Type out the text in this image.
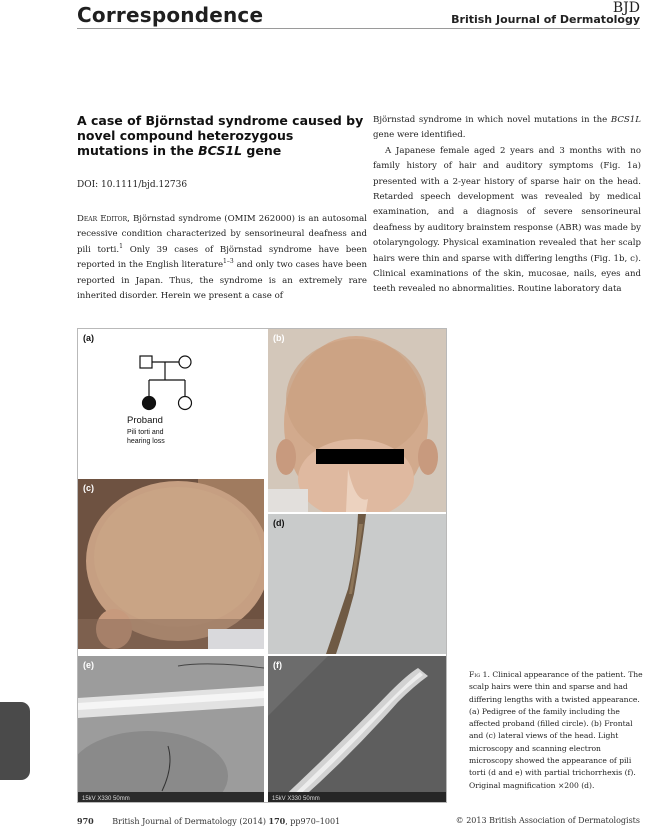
Correspondence	BJD
British Journal of Dermatology
A case of Björnstad syndrome caused by novel compound heterozygous mutations in the BCS1L gene
DOI: 10.1111/bjd.12736

Dear Editor, Björnstad syndrome (OMIM 262000) is an autosomal recessive condition characterized by sensorineural deafness and pili torti.$^1$ Only 39 cases of Björnstad syndrome have been reported in the English literature$^{1-3}$ and only two cases have been reported in Japan. Thus, the syndrome is an extremely rare inherited disorder. Herein we present a case of

Björnstad syndrome in which novel mutations in the BCS1L gene were identified.

A Japanese female aged 2 years and 3 months with no family history of hair and auditory symptoms (Fig. 1a) presented with a 2-year history of sparse hair on the head. Retarded speech development was revealed by medical examination, and a diagnosis of severe sensorineural deafness by auditory brainstem response (ABR) was made by otolaryngology. Physical examination revealed that her scalp hairs were thin and sparse with differing lengths (Fig. 1b, c). Clinical examinations of the skin, mucosae, nails, eyes and teeth revealed no abnormalities. Routine laboratory data

(a)
Proband
Pili torti and
hearing loss
(b)
(c)
(d)
15kV X330 50mm
(e)
15kV X330 50mm
(f)
Fig 1. Clinical appearance of the patient. The scalp hairs were thin and sparse and had differing lengths with a twisted appearance. (a) Pedigree of the family including the affected proband (filled circle). (b) Frontal and (c) lateral views of the head. Light microscopy and scanning electron microscopy showed the appearance of pili torti (d and e) with partial trichorrhexis (f). Original magnification ×200 (d).
970 British Journal of Dermatology (2014) 170, pp970–1001	© 2013 British Association of Dermatologists
